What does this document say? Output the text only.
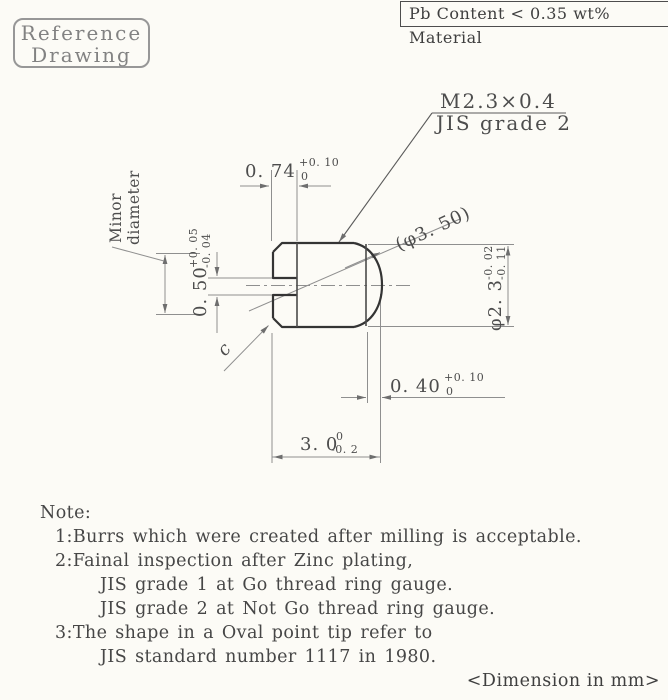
Reference
Drawing
Pb Content < 0.35 wt% Material
M2.3×0.4
JIS grade 2
Minor diameter	0. 74 +0. 10
0
0. 50
+0. 05 -0. 04
φ2. 3
-0. 02 -0. 11
0. 40 +0. 10
0
3. 0
0
-0. 2
(φ3. 50)
c
Note:
1:Burrs which were created after milling is acceptable.
2:Fainal inspection after Zinc plating,
JIS grade 1 at Go thread ring gauge.
JIS grade 2 at Not Go thread ring gauge.
3:The shape in a Oval point tip refer to
JIS standard number 1117 in 1980.
<Dimension in mm>
